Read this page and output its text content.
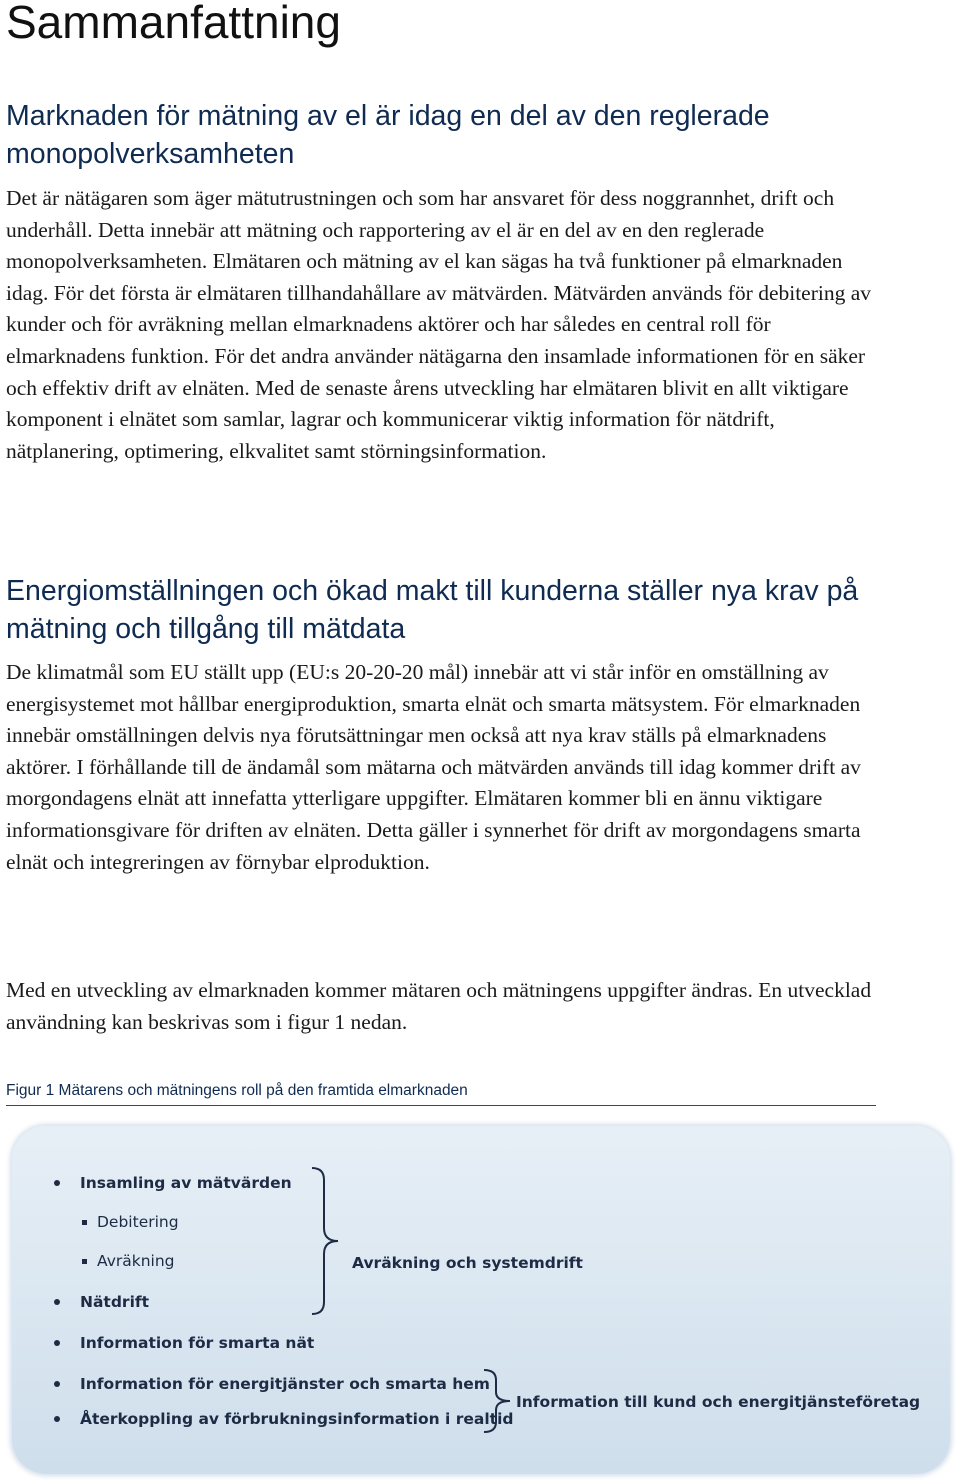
Sammanfattning
Marknaden för mätning av el är idag en del av den reglerade monopolverksamheten

Det är nätägaren som äger mätutrustningen och som har ansvaret för dess noggrannhet, drift och underhåll. Detta innebär att mätning och rapportering av el är en del av en den reglerade monopolverksamheten. Elmätaren och mätning av el kan sägas ha två funktioner på elmarknaden idag. För det första är elmätaren tillhandahållare av mätvärden. Mätvärden används för debitering av kunder och för avräkning mellan elmarknadens aktörer och har således en central roll för elmarknadens funktion. För det andra använder nätägarna den insamlade informationen för en säker och effektiv drift av elnäten. Med de senaste årens utveckling har elmätaren blivit en allt viktigare komponent i elnätet som samlar, lagrar och kommunicerar viktig information för nätdrift, nätplanering, optimering, elkvalitet samt störningsinformation.

Energiomställningen och ökad makt till kunderna ställer nya krav på mätning och tillgång till mätdata

De klimatmål som EU ställt upp (EU:s 20-20-20 mål) innebär att vi står inför en omställning av energisystemet mot hållbar energiproduktion, smarta elnät och smarta mätsystem. För elmarknaden innebär omställningen delvis nya förutsättningar men också att nya krav ställs på elmarknadens aktörer. I förhållande till de ändamål som mätarna och mätvärden används till idag kommer drift av morgondagens elnät att innefatta ytterligare uppgifter. Elmätaren kommer bli en ännu viktigare informationsgivare för driften av elnäten. Detta gäller i synnerhet för drift av morgondagens smarta elnät och integreringen av förnybar elproduktion.

Med en utveckling av elmarknaden kommer mätaren och mätningens uppgifter ändras. En utvecklad användning kan beskrivas som i figur 1 nedan.

Figur 1 Mätarens och mätningens roll på den framtida elmarknaden

Insamling av mätvärden

Debitering

Avräkning

Nätdrift

Information för smarta nät

Information för energitjänster och smarta hem

Återkoppling av förbrukningsinformation i realtid

Avräkning och systemdrift

Information till kund och energitjänsteföretag
